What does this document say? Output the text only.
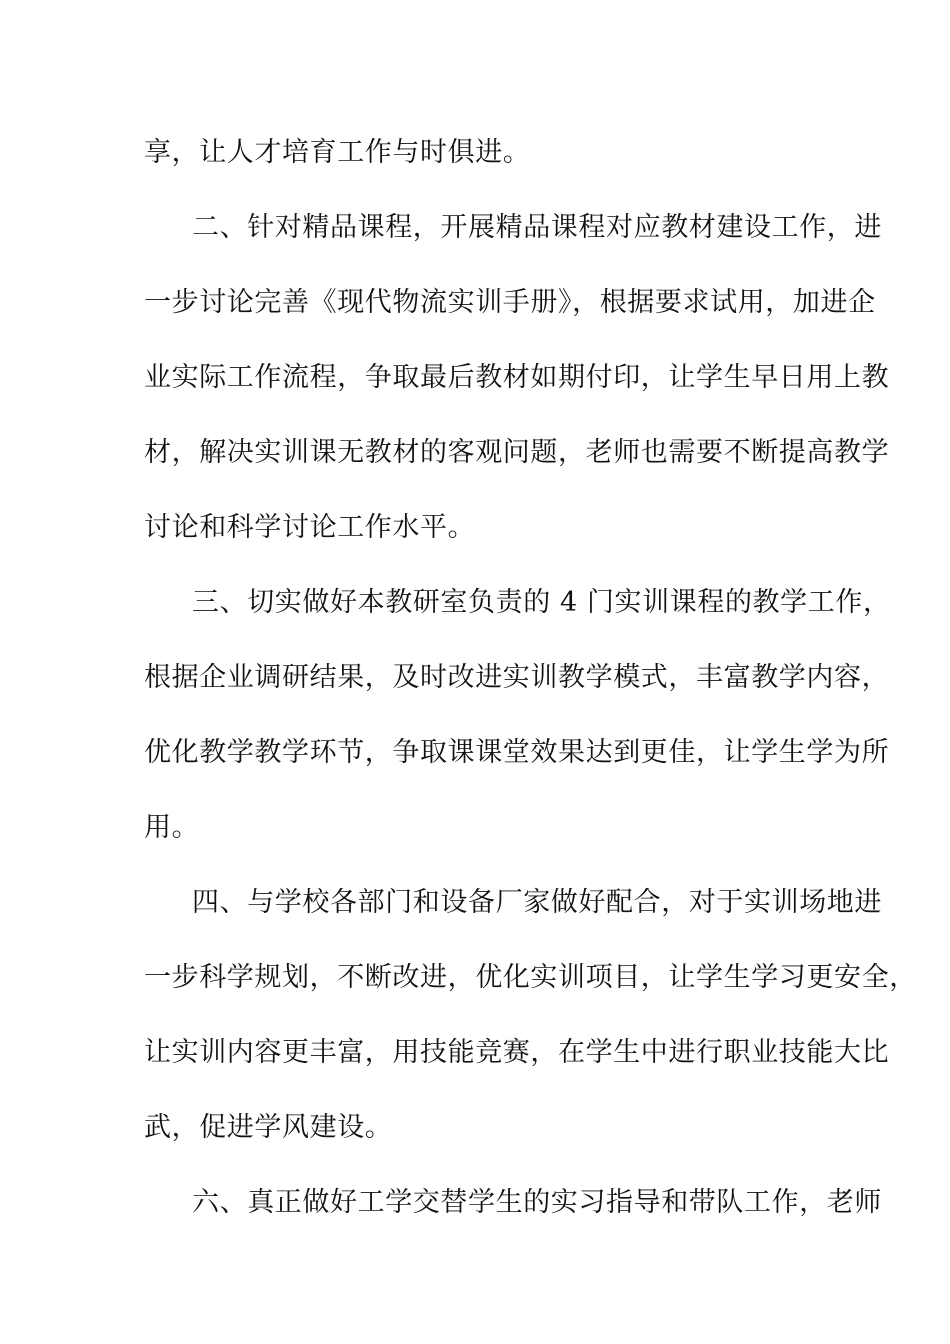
享，让人才培育工作与时俱进。
二、针对精品课程，开展精品课程对应教材建设工作，进
一步讨论完善《现代物流实训手册》，根据要求试用，加进企
业实际工作流程，争取最后教材如期付印，让学生早日用上教
材，解决实训课无教材的客观问题，老师也需要不断提高教学
讨论和科学讨论工作水平。
三、切实做好本教研室负责的 4 门实训课程的教学工作，
根据企业调研结果，及时改进实训教学模式，丰富教学内容，
优化教学教学环节，争取课课堂效果达到更佳，让学生学为所
用。
四、与学校各部门和设备厂家做好配合，对于实训场地进
一步科学规划，不断改进，优化实训项目，让学生学习更安全，
让实训内容更丰富，用技能竞赛，在学生中进行职业技能大比
武，促进学风建设。
六、真正做好工学交替学生的实习指导和带队工作，老师
